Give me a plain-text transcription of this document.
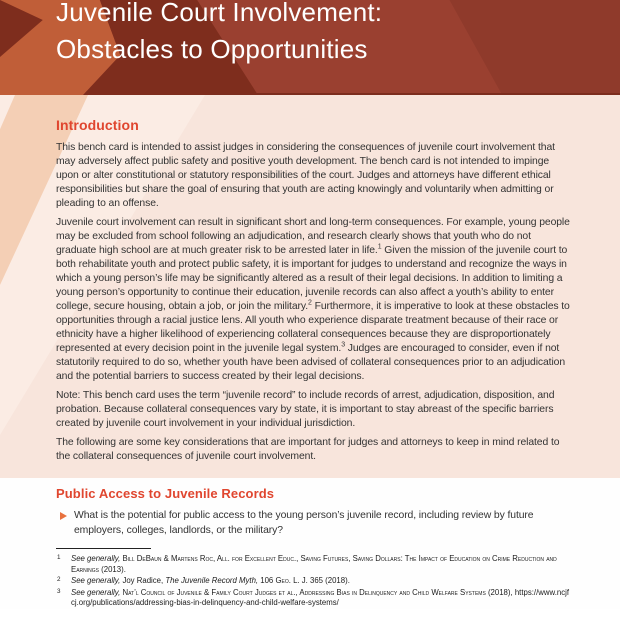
Juvenile Court Involvement:
Obstacles to Opportunities
Introduction

This bench card is intended to assist judges in considering the consequences of juvenile court involvement that may adversely affect public safety and positive youth development. The bench card is not intended to impinge upon or alter constitutional or statutory responsibilities of the court. Judges and attorneys have different ethical responsibilities but share the goal of ensuring that youth are acting knowingly and voluntarily when admitting or pleading to an offense.

Juvenile court involvement can result in significant short and long-term consequences. For example, young people may be excluded from school following an adjudication, and research clearly shows that youth who do not graduate high school are at much greater risk to be arrested later in life.$^1$ Given the mission of the juvenile court to both rehabilitate youth and protect public safety, it is important for judges to understand and recognize the ways in which a young person’s life may be significantly altered as a result of their legal decisions. In addition to limiting a young person’s opportunity to continue their education, juvenile records can also affect a youth’s ability to enter college, secure housing, obtain a job, or join the military.$^2$ Furthermore, it is imperative to look at these obstacles to opportunities through a racial justice lens. All youth who experience disparate treatment because of their race or ethnicity have a higher likelihood of experiencing collateral consequences because they are disproportionately represented at every decision point in the juvenile legal system.$^3$ Judges are encouraged to consider, even if not statutorily required to do so, whether youth have been advised of collateral consequences prior to an adjudication and the potential barriers to success created by their legal decisions.

Note: This bench card uses the term “juvenile record” to include records of arrest, adjudication, disposition, and probation. Because collateral consequences vary by state, it is important to stay abreast of the specific barriers created by juvenile court involvement in your individual jurisdiction.

The following are some key considerations that are important for judges and attorneys to keep in mind related to the collateral consequences of juvenile court involvement.

Public Access to Juvenile Records

What is the potential for public access to the young person’s juvenile record, including review by future employers, colleges, landlords, or the military?

1 See generally, Bill DeBaun & Martens Roc, All. for Excellent Educ., Saving Futures, Saving Dollars: The Impact of Education on Crime Reduction and Earnings (2013).
2 See generally, Joy Radice, The Juvenile Record Myth, 106 Geo. L. J. 365 (2018).
3 See generally, Nat’l Council of Juvenile & Family Court Judges et al., Addressing Bias in Delinquency and Child Welfare Systems (2018), https://www.ncjfcj.org/publications/addressing-bias-in-delinquency-and-child-welfare-systems/
